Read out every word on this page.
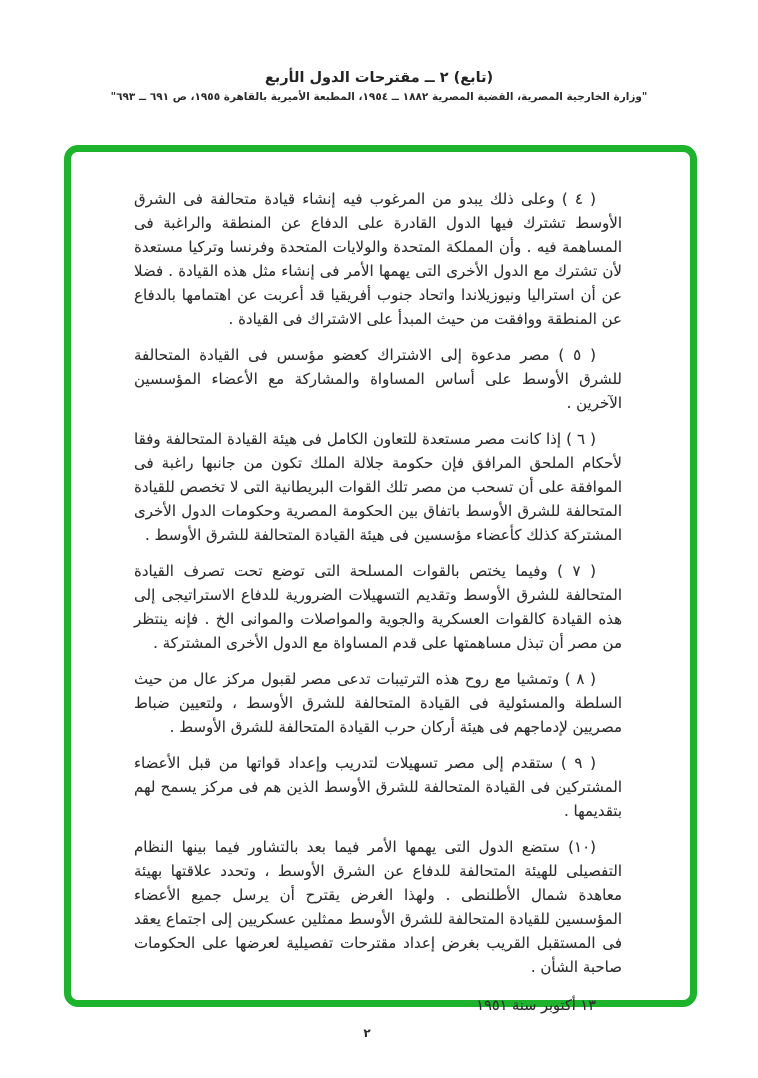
(تابع) ٢ ــ مقترحات الدول الأربع
"وزارة الخارجية المصرية، القضية المصرية ١٨٨٢ ــ ١٩٥٤، المطبعة الأميرية بالقاهرة ١٩٥٥، ص ٦٩١ ــ ٦٩٣"

( ٤ ) وعلى ذلك يبدو من المرغوب فيه إنشاء قيادة متحالفة فى الشرق الأوسط تشترك فيها الدول القادرة على الدفاع عن المنطقة والراغبة فى المساهمة فيه . وأن المملكة المتحدة والولايات المتحدة وفرنسا وتركيا مستعدة لأن تشترك مع الدول الأخرى التى يهمها الأمر فى إنشاء مثل هذه القيادة . فضلا عن أن استراليا ونيوزيلاندا واتحاد جنوب أفريقيا قد أعربت عن اهتمامها بالدفاع عن المنطقة ووافقت من حيث المبدأ على الاشتراك فى القيادة .

( ٥ ) مصر مدعوة إلى الاشتراك كعضو مؤسس فى القيادة المتحالفة للشرق الأوسط على أساس المساواة والمشاركة مع الأعضاء المؤسسين الآخرين .

( ٦ ) إذا كانت مصر مستعدة للتعاون الكامل فى هيئة القيادة المتحالفة وفقا لأحكام الملحق المرافق فإن حكومة جلالة الملك تكون من جانبها راغبة فى الموافقة على أن تسحب من مصر تلك القوات البريطانية التى لا تخصص للقيادة المتحالفة للشرق الأوسط باتفاق بين الحكومة المصرية وحكومات الدول الأخرى المشتركة كذلك كأعضاء مؤسسين فى هيئة القيادة المتحالفة للشرق الأوسط .

( ٧ ) وفيما يختص بالقوات المسلحة التى توضع تحت تصرف القيادة المتحالفة للشرق الأوسط وتقديم التسهيلات الضرورية للدفاع الاستراتيجى إلى هذه القيادة كالقوات العسكرية والجوية والمواصلات والموانى الخ . فإنه ينتظر من مصر أن تبذل مساهمتها على قدم المساواة مع الدول الأخرى المشتركة .

( ٨ ) وتمشيا مع روح هذه الترتيبات تدعى مصر لقبول مركز عال من حيث السلطة والمسئولية فى القيادة المتحالفة للشرق الأوسط ، ولتعيين ضباط مصريين لإدماجهم فى هيئة أركان حرب القيادة المتحالفة للشرق الأوسط .

( ٩ ) ستقدم إلى مصر تسهيلات لتدريب وإعداد قواتها من قبل الأعضاء المشتركين فى القيادة المتحالفة للشرق الأوسط الذين هم فى مركز يسمح لهم بتقديمها .

(١٠) ستضع الدول التى يهمها الأمر فيما بعد بالتشاور فيما بينها النظام التفصيلى للهيئة المتحالفة للدفاع عن الشرق الأوسط ، وتحدد علاقتها بهيئة معاهدة شمال الأطلنطى . ولهذا الغرض يقترح أن يرسل جميع الأعضاء المؤسسين للقيادة المتحالفة للشرق الأوسط ممثلين عسكريين إلى اجتماع يعقد فى المستقبل القريب بغرض إعداد مقترحات تفصيلية لعرضها على الحكومات صاحبة الشأن .

١٣ أكتوبر سنة ١٩٥١
٢
